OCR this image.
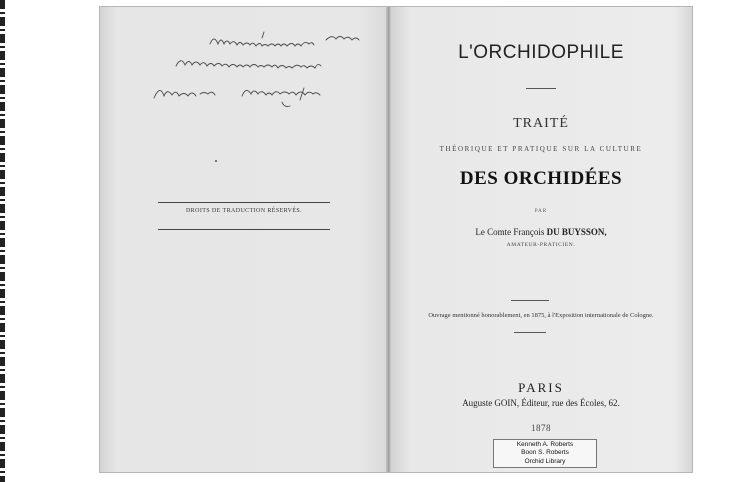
DROITS DE TRADUCTION RÉSERVÉS.
L'ORCHIDOPHILE
TRAITÉ
THÉORIQUE ET PRATIQUE SUR LA CULTURE
DES ORCHIDÉES
PAR
Le Comte François DU BUYSSON,
AMATEUR-PRATICIEN.
Ouvrage mentionné honorablement, en 1875, à l'Exposition internationale de Cologne.
PARIS
Auguste GOIN, Éditeur, rue des Écoles, 62.
1878
Kenneth A. Roberts
Boon S. Roberts
Orchid Library
